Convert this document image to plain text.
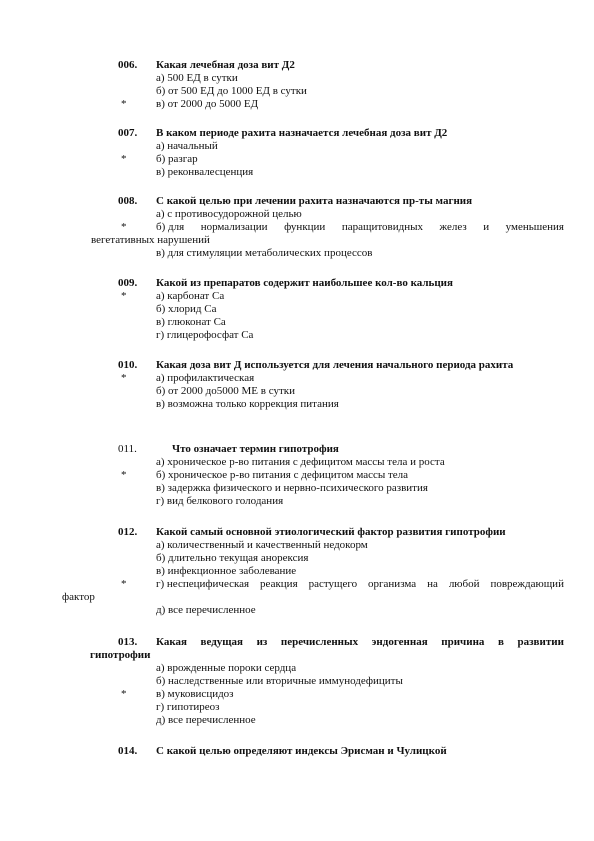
006. Какая лечебная доза вит Д2
а) 500 ЕД в сутки
б) от 500 ЕД до 1000 ЕД в сутки
*	в) от 2000 до 5000 ЕД
007. В каком периоде рахита назначается лечебная доза вит Д2
а) начальный
*	б) разгар
в) реконвалесценция
008. С какой целью при лечении рахита назначаются пр-ты магния
а) с противосудорожной целью
*	б) для нормализации функции паращитовидных желез и уменьшения
вегетативных нарушений
в) для стимуляции метаболических процессов
009. Какой из препаратов содержит наибольшее кол-во кальция
*	а) карбонат Са
б) хлорид Са
в) глюконат Са
г) глицерофосфат Са
010. Какая доза вит Д используется для лечения начального периода рахита
*	а) профилактическая
б) от 2000 до5000 МЕ в сутки
в) возможна только коррекция питания
011.	Что означает термин гипотрофия
а) хроническое р-во питания с дефицитом массы тела и роста
*	б) хроническое р-во питания с дефицитом массы тела
в) задержка физического и нервно-психического развития
г) вид белкового голодания
012. Какой самый основной этиологический фактор развития гипотрофии
а) количественный и качественный недокорм
б) длительно текущая анорексия
в) инфекционное заболевание
*	г) неспецифическая реакция растущего организма на любой повреждающий
фактор
д) все перечисленное
013. Какая ведущая из перечисленных эндогенная причина в развитии
гипотрофии
а) врожденные пороки сердца
б) наследственные или вторичные иммунодефициты
*	в) муковисцидоз
г) гипотиреоз
д) все перечисленное
014. С какой целью определяют индексы Эрисман и Чулицкой
